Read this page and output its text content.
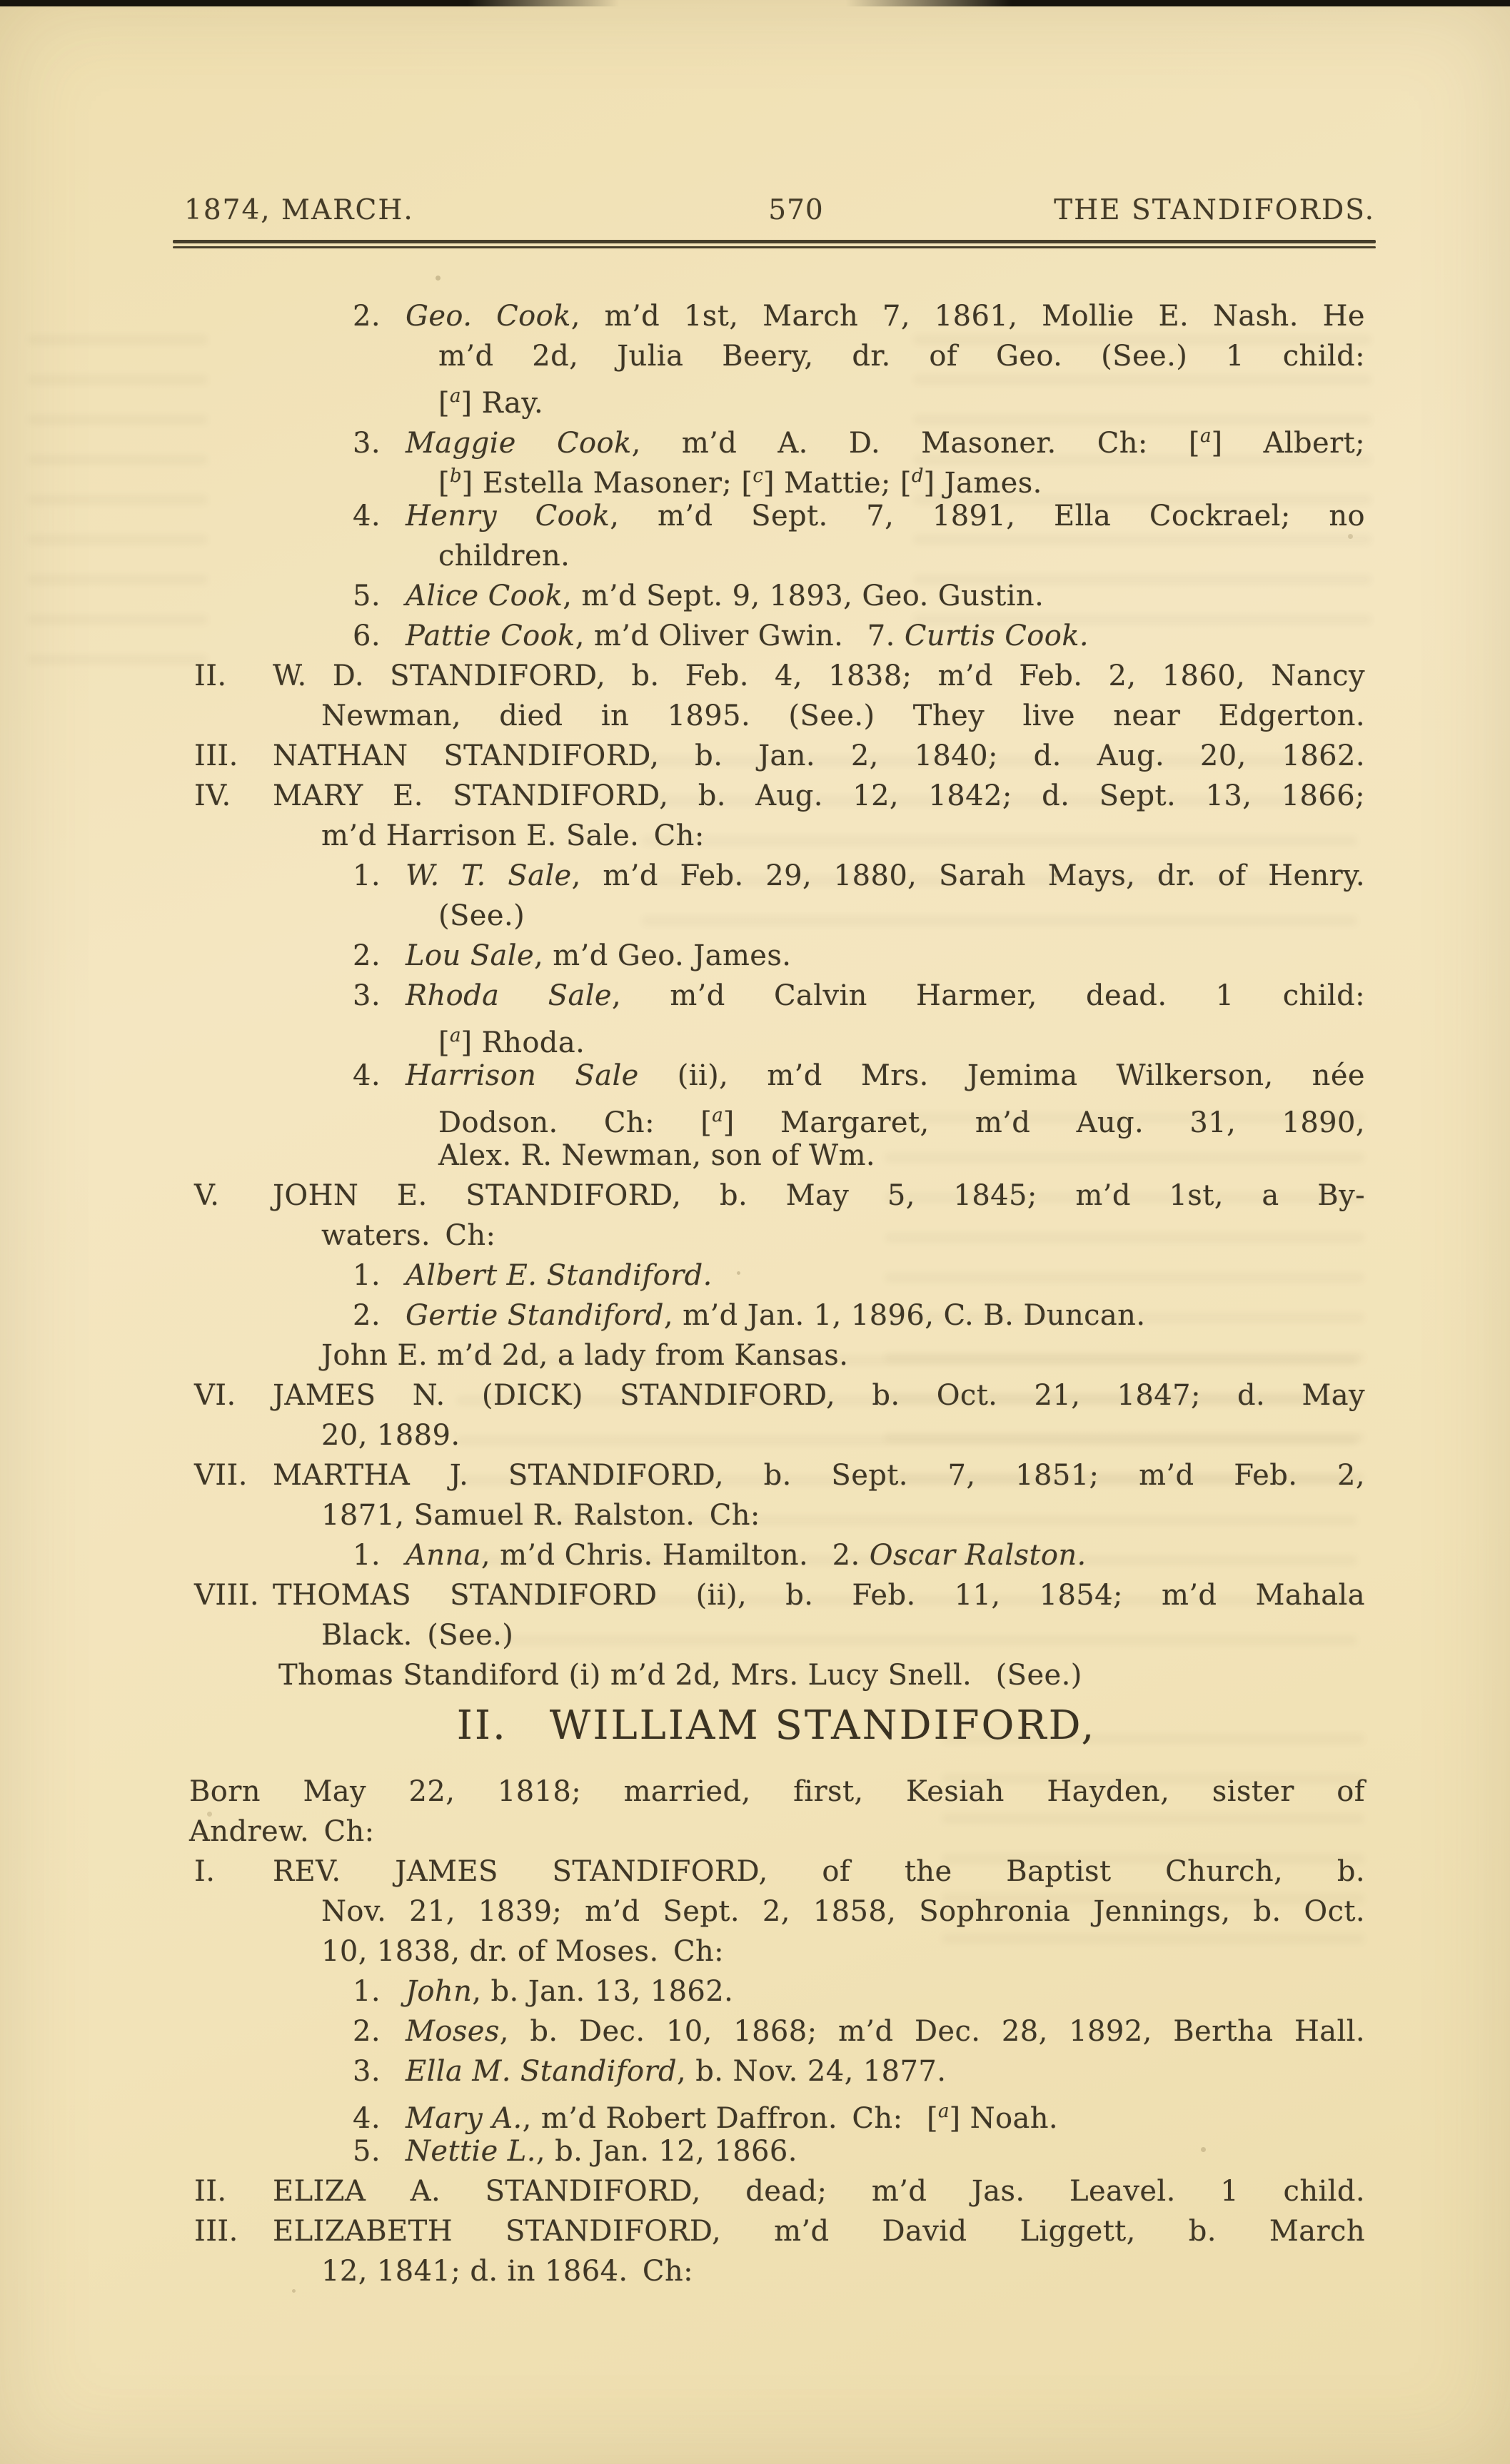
1874, MARCH.	570	THE STANDIFORDS.
2. Geo. Cook, m’d 1st, March 7, 1861, Mollie E. Nash. He
m’d 2d, Julia Beery, dr. of Geo. (See.) 1 child:
[$^a$] Ray.
3. Maggie Cook, m’d A. D. Masoner. Ch: [$^a$] Albert;
[$^b$] Estella Masoner; [$^c$] Mattie; [$^d$] James.
4. Henry Cook, m’d Sept. 7, 1891, Ella Cockrael; no
children.
5. Alice Cook, m’d Sept. 9, 1893, Geo. Gustin.
6. Pattie Cook, m’d Oliver Gwin.  7. Curtis Cook.
II. W. D. STANDIFORD, b. Feb. 4, 1838; m’d Feb. 2, 1860, Nancy
Newman, died in 1895. (See.) They live near Edgerton.
III. NATHAN STANDIFORD, b. Jan. 2, 1840; d. Aug. 20, 1862.
IV. MARY E. STANDIFORD, b. Aug. 12, 1842; d. Sept. 13, 1866;
m’d Harrison E. Sale. Ch:
1. W. T. Sale, m’d Feb. 29, 1880, Sarah Mays, dr. of Henry.
(See.)
2. Lou Sale, m’d Geo. James.
3. Rhoda Sale, m’d Calvin Harmer, dead. 1 child:
[$^a$] Rhoda.
4. Harrison Sale (ii), m’d Mrs. Jemima Wilkerson, née
Dodson. Ch: [$^a$] Margaret, m’d Aug. 31, 1890,
Alex. R. Newman, son of Wm.
V. JOHN E. STANDIFORD, b. May 5, 1845; m’d 1st, a By-
waters. Ch:
1. Albert E. Standiford.
2. Gertie Standiford, m’d Jan. 1, 1896, C. B. Duncan.
John E. m’d 2d, a lady from Kansas.
VI. JAMES N. (DICK) STANDIFORD, b. Oct. 21, 1847; d. May
20, 1889.
VII. MARTHA J. STANDIFORD, b. Sept. 7, 1851; m’d Feb. 2,
1871, Samuel R. Ralston. Ch:
1. Anna, m’d Chris. Hamilton.  2. Oscar Ralston.
VIII. THOMAS STANDIFORD (ii), b. Feb. 11, 1854; m’d Mahala
Black. (See.)
Thomas Standiford (i) m’d 2d, Mrs. Lucy Snell.  (See.)
II. WILLIAM STANDIFORD,
Born May 22, 1818; married, first, Kesiah Hayden, sister of
Andrew. Ch:
I. REV. JAMES STANDIFORD, of the Baptist Church, b.
Nov. 21, 1839; m’d Sept. 2, 1858, Sophronia Jennings, b. Oct.
10, 1838, dr. of Moses. Ch:
1. John, b. Jan. 13, 1862.
2. Moses, b. Dec. 10, 1868; m’d Dec. 28, 1892, Bertha Hall.
3. Ella M. Standiford, b. Nov. 24, 1877.
4. Mary A., m’d Robert Daffron. Ch:  [$^a$] Noah.
5. Nettie L., b. Jan. 12, 1866.
II. ELIZA A. STANDIFORD, dead; m’d Jas. Leavel. 1 child.
III. ELIZABETH STANDIFORD, m’d David Liggett, b. March
12, 1841; d. in 1864. Ch:
